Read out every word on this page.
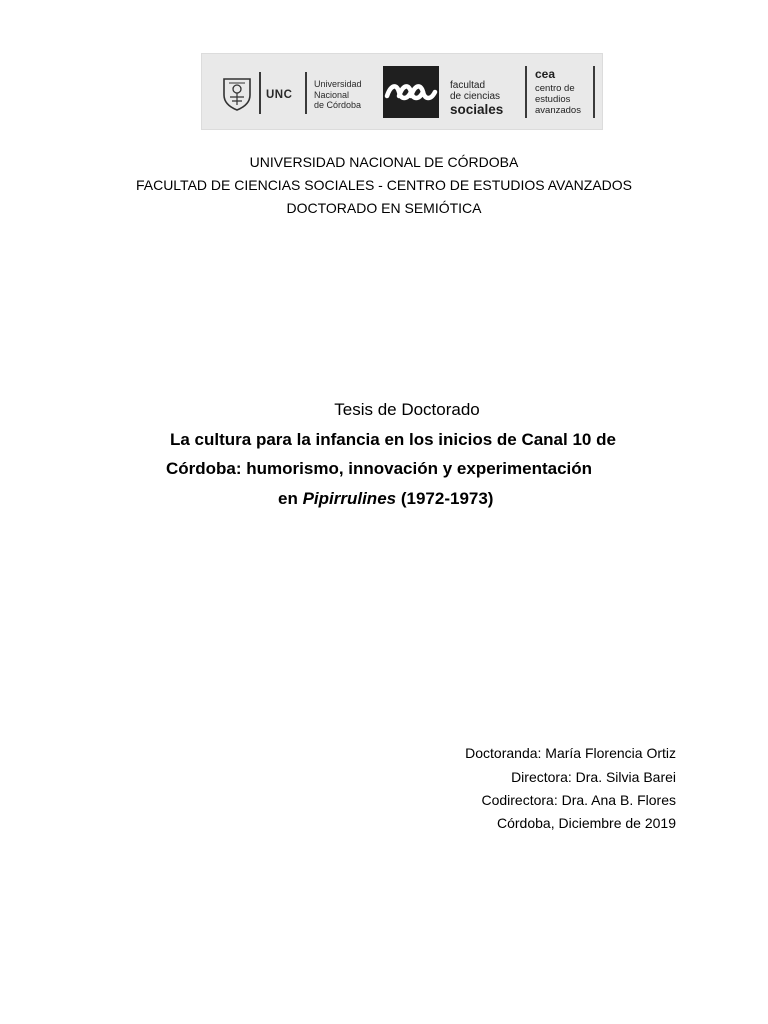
UNC
Universidad
Nacional
de Córdoba
facultad
de ciencias
sociales
cea
centro de
estudios
avanzados
UNIVERSIDAD NACIONAL DE CÓRDOBA
FACULTAD DE CIENCIAS SOCIALES - CENTRO DE ESTUDIOS AVANZADOS
DOCTORADO EN SEMIÓTICA
Tesis de Doctorado
La cultura para la infancia en los inicios de Canal 10 de
Córdoba: humorismo, innovación y experimentación
en Pipirrulines (1972-1973)
Doctoranda: María Florencia Ortiz
Directora: Dra. Silvia Barei
Codirectora: Dra. Ana B. Flores
Córdoba, Diciembre de 2019
